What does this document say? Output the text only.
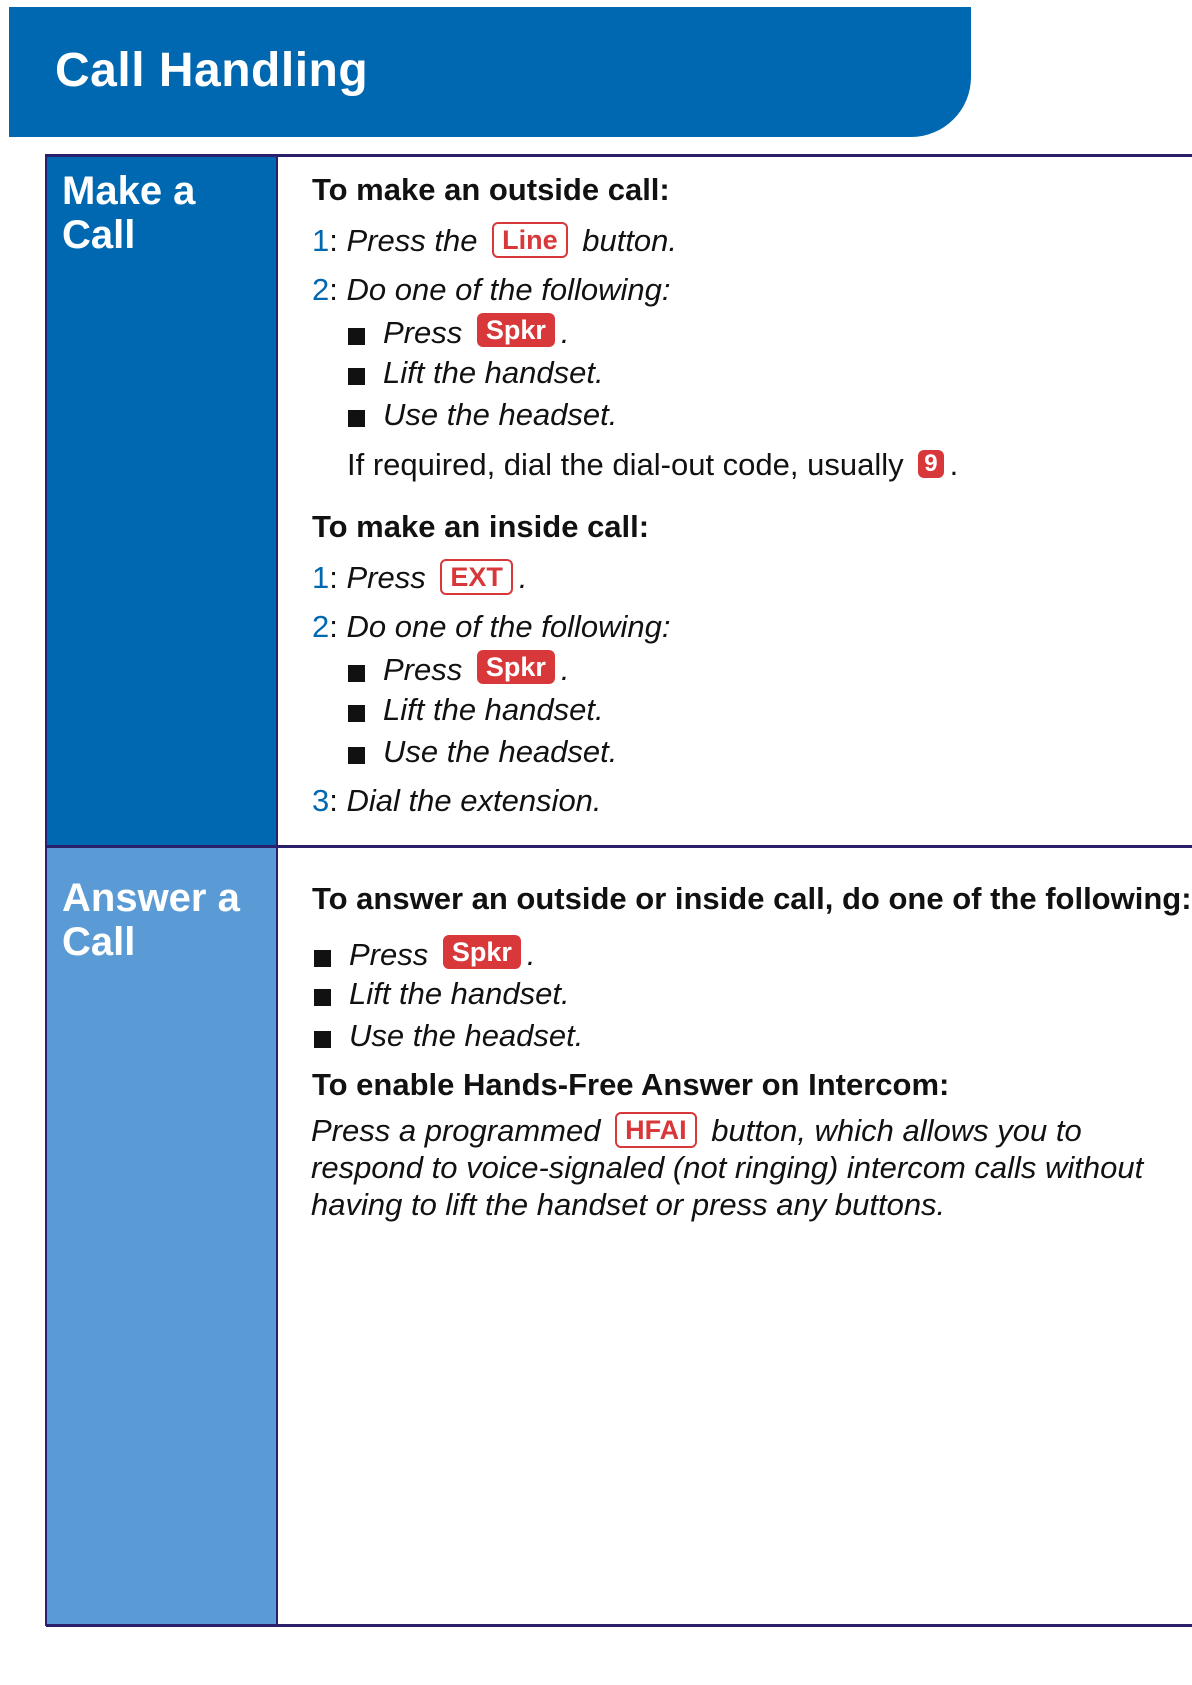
Call Handling
Make a
Call
Answer a
Call
To make an outside call:
1: Press the Line button.
2: Do one of the following:
Press Spkr .
Lift the handset.
Use the headset.
If required, dial the dial-out code, usually 9 .
To make an inside call:
1: Press EXT .
2: Do one of the following:
Press Spkr .
Lift the handset.
Use the headset.
3: Dial the extension.
To answer an outside or inside call, do one of the following:
Press Spkr .
Lift the handset.
Use the headset.
To enable Hands-Free Answer on Intercom:
Press a programmed HFAI button, which allows you to respond to voice-signaled (not ringing) intercom calls without having to lift the handset or press any buttons.
